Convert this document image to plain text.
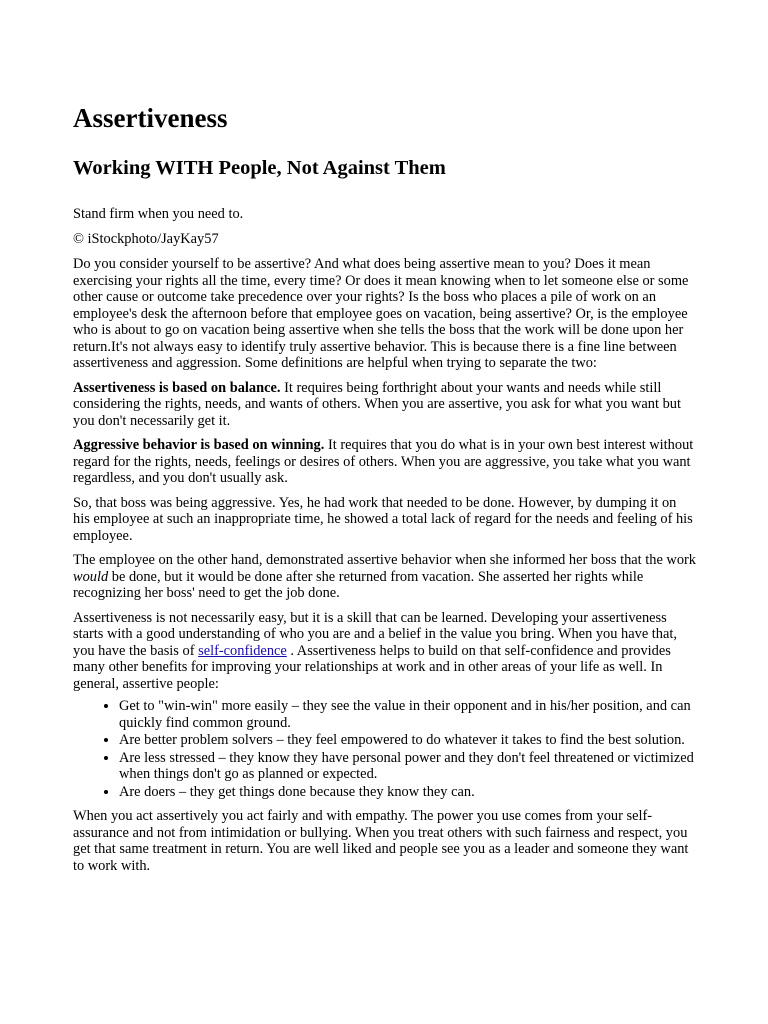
Assertiveness
Working WITH People, Not Against Them

Stand firm when you need to.

© iStockphoto/JayKay57

Do you consider yourself to be assertive? And what does being assertive mean to you? Does it mean exercising your rights all the time, every time? Or does it mean knowing when to let someone else or some other cause or outcome take precedence over your rights? Is the boss who places a pile of work on an employee's desk the afternoon before that employee goes on vacation, being assertive? Or, is the employee who is about to go on vacation being assertive when she tells the boss that the work will be done upon her return.It's not always easy to identify truly assertive behavior. This is because there is a fine line between assertiveness and aggression. Some definitions are helpful when trying to separate the two:

Assertiveness is based on balance. It requires being forthright about your wants and needs while still considering the rights, needs, and wants of others. When you are assertive, you ask for what you want but you don't necessarily get it.

Aggressive behavior is based on winning. It requires that you do what is in your own best interest without regard for the rights, needs, feelings or desires of others. When you are aggressive, you take what you want regardless, and you don't usually ask.

So, that boss was being aggressive. Yes, he had work that needed to be done. However, by dumping it on his employee at such an inappropriate time, he showed a total lack of regard for the needs and feeling of his employee.

The employee on the other hand, demonstrated assertive behavior when she informed her boss that the work would be done, but it would be done after she returned from vacation. She asserted her rights while recognizing her boss' need to get the job done.

Assertiveness is not necessarily easy, but it is a skill that can be learned. Developing your assertiveness starts with a good understanding of who you are and a belief in the value you bring. When you have that, you have the basis of self-confidence . Assertiveness helps to build on that self-confidence and provides many other benefits for improving your relationships at work and in other areas of your life as well. In general, assertive people:

• Get to "win-win" more easily – they see the value in their opponent and in his/her position, and can quickly find common ground.
• Are better problem solvers – they feel empowered to do whatever it takes to find the best solution.
• Are less stressed – they know they have personal power and they don't feel threatened or victimized when things don't go as planned or expected.
• Are doers – they get things done because they know they can.

When you act assertively you act fairly and with empathy. The power you use comes from your self-assurance and not from intimidation or bullying. When you treat others with such fairness and respect, you get that same treatment in return. You are well liked and people see you as a leader and someone they want to work with.
